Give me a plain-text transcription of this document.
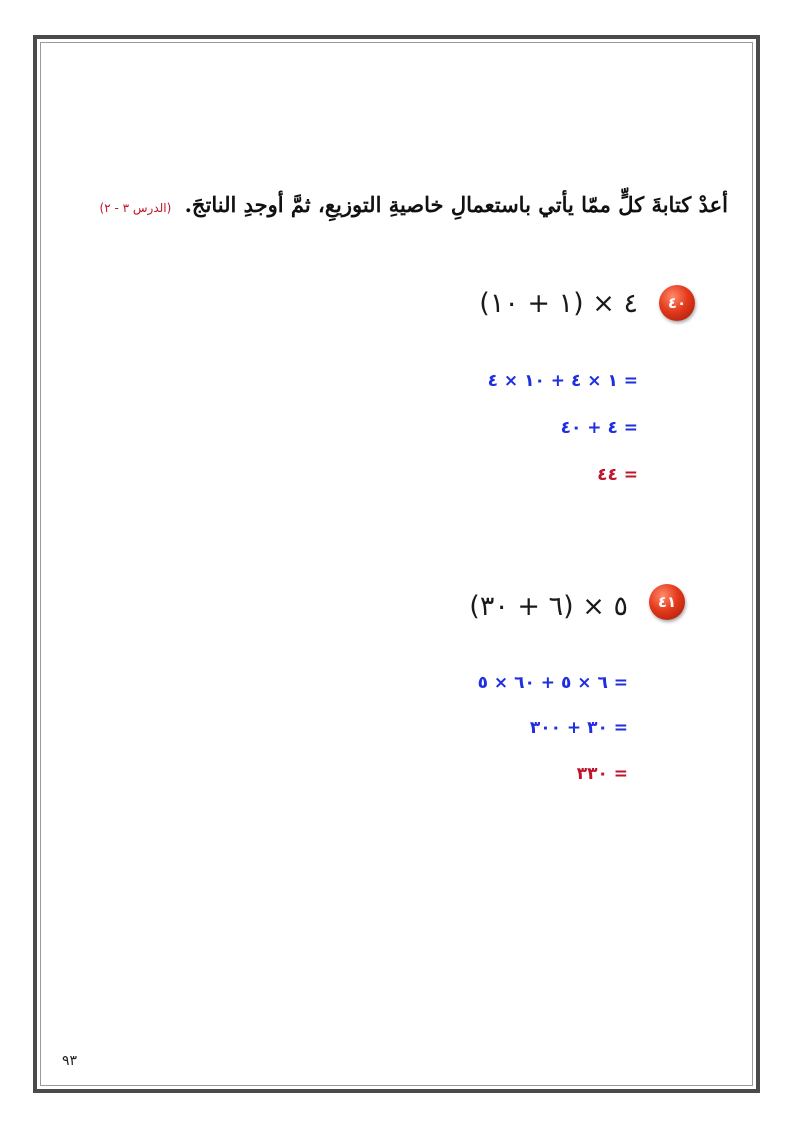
أعدْ كتابةَ كلٍّ ممّا يأتي باستعمالِ خاصيةِ التوزيعِ، ثمَّ أوجدِ الناتجَ. (الدرس ٣ - ٢)
٤٠
(١ + ١٠) × ٤
١ × ٤ + ١٠ × ٤ =
٤ + ٤٠ =
٤٤ =
٤١
(٦ + ٣٠) × ٥
٦ × ٥ + ٦٠ × ٥ =
٣٠ + ٣٠٠ =
٣٣٠ =
٩٣
